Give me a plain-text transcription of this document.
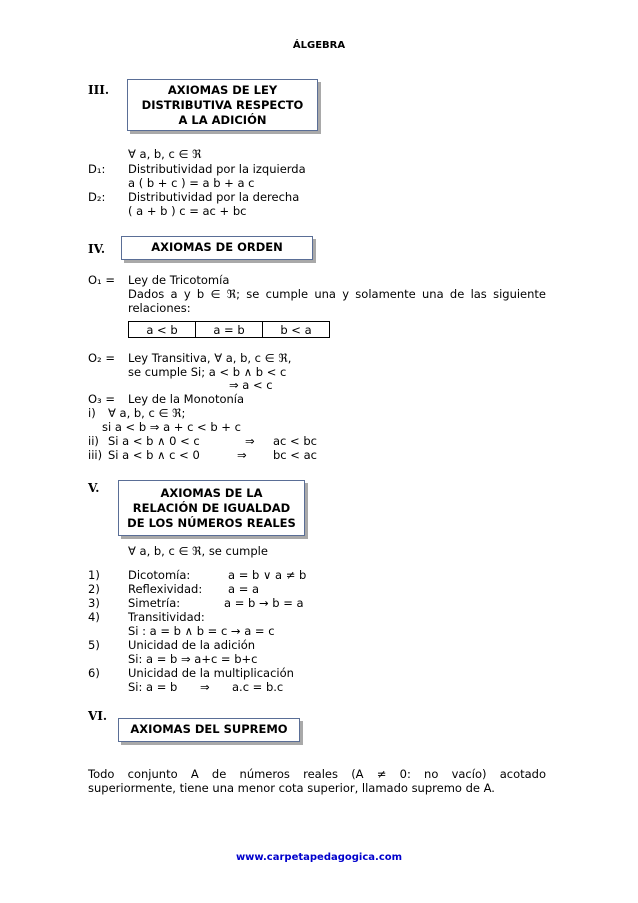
ÁLGEBRA
III.	AXIOMAS DE LEY
DISTRIBUTIVA RESPECTO
A LA ADICIÓN
∀ a, b, c ∈ ℜ
D₁: Distributividad por la izquierda
a ( b + c ) = a b + a c
D₂: Distributividad por la derecha
( a + b ) c = ac + bc
IV.	AXIOMAS DE ORDEN
O₁ = Ley de Tricotomía
Dados a y b ∈ ℜ; se cumple una y solamente una de las siguiente
relaciones:
a < b	a = b	b < a
O₂ = Ley Transitiva, ∀ a, b, c ∈ ℜ,
se cumple Si; a < b ∧ b < c
⇒ a < c
O₃ = Ley de la Monotonía
i) ∀ a, b, c ∈ ℜ;
si a < b ⇒ a + c < b + c
ii) Si a < b ∧ 0 < c	⇒ ac < bc
iii) Si a < b ∧ c < 0	⇒ bc < ac
V.	AXIOMAS DE LA
RELACIÓN DE IGUALDAD
DE LOS NÚMEROS REALES
∀ a, b, c ∈ ℜ, se cumple
1) Dicotomía:	a = b ∨ a ≠ b
2) Reflexividad: a = a
3) Simetría:	a = b → b = a
4) Transitividad:
Si : a = b ∧ b = c → a = c
5) Unicidad de la adición
Si: a = b ⇒ a+c = b+c
6) Unicidad de la multiplicación
Si: a = b ⇒ a.c = b.c
VI.
AXIOMAS DEL SUPREMO
Todo conjunto A de números reales (A ≠ 0: no vacío) acotado
superiormente, tiene una menor cota superior, llamado supremo de A.
www.carpetapedagogica.com
